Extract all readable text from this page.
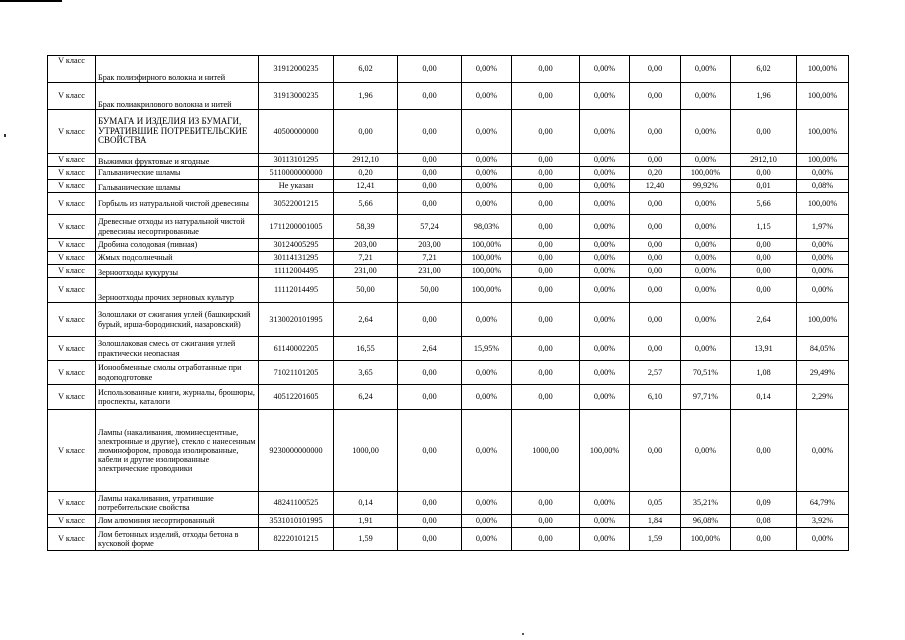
V класс	Брак полиэфирного волокна и нитей	31912000235	6,02	0,00	0,00%	0,00	0,00%	0,00	0,00%	6,02	100,00%
V класс	Брак полиакрилового волокна и нитей	31913000235	1,96	0,00	0,00%	0,00	0,00%	0,00	0,00%	1,96	100,00%
V класс	БУМАГА И ИЗДЕЛИЯ ИЗ БУМАГИ, УТРАТИВШИЕ ПОТРЕБИТЕЛЬСКИЕ СВОЙСТВА	40500000000	0,00	0,00	0,00%	0,00	0,00%	0,00	0,00%	0,00	100,00%
V класс	Выжимки фруктовые и ягодные	30113101295	2912,10	0,00	0,00%	0,00	0,00%	0,00	0,00%	2912,10	100,00%
V класс	Гальванические шламы	5110000000000	0,20	0,00	0,00%	0,00	0,00%	0,20	100,00%	0,00	0,00%
V класс	Гальванические шламы	Не указан	12,41	0,00	0,00%	0,00	0,00%	12,40	99,92%	0,01	0,08%
V класс	Горбыль из натуральной чистой древесины	30522001215	5,66	0,00	0,00%	0,00	0,00%	0,00	0,00%	5,66	100,00%
V класс	Древесные отходы из натуральной чистой древесины несортированные	1711200001005	58,39	57,24	98,03%	0,00	0,00%	0,00	0,00%	1,15	1,97%
V класс	Дробина солодовая (пивная)	30124005295	203,00	203,00	100,00%	0,00	0,00%	0,00	0,00%	0,00	0,00%
V класс	Жмых подсолнечный	30114131295	7,21	7,21	100,00%	0,00	0,00%	0,00	0,00%	0,00	0,00%
V класс	Зерноотходы кукурузы	11112004495	231,00	231,00	100,00%	0,00	0,00%	0,00	0,00%	0,00	0,00%
V класс	Зерноотходы прочих зерновых культур	11112014495	50,00	50,00	100,00%	0,00	0,00%	0,00	0,00%	0,00	0,00%
V класс	Золошлаки от сжигания углей (башкирский бурый, ирша-бородинский, назаровский)	3130020101995	2,64	0,00	0,00%	0,00	0,00%	0,00	0,00%	2,64	100,00%
V класс	Золошлаковая смесь от сжигания углей практически неопасная	61140002205	16,55	2,64	15,95%	0,00	0,00%	0,00	0,00%	13,91	84,05%
V класс	Ионообменные смолы отработанные при водоподготовке	71021101205	3,65	0,00	0,00%	0,00	0,00%	2,57	70,51%	1,08	29,49%
V класс	Использованные книги, журналы, брошюры, проспекты, каталоги	40512201605	6,24	0,00	0,00%	0,00	0,00%	6,10	97,71%	0,14	2,29%
V класс	Лампы (накаливания, люминесцентные, электронные и другие), стекло с нанесенным люминофором, провода изолированные, кабели и другие изолированные электрические проводники	9230000000000	1000,00	0,00	0,00%	1000,00	100,00%	0,00	0,00%	0,00	0,00%
V класс	Лампы накаливания, утратившие потребительские свойства	48241100525	0,14	0,00	0,00%	0,00	0,00%	0,05	35,21%	0,09	64,79%
V класс	Лом алюминия несортированный	3531010101995	1,91	0,00	0,00%	0,00	0,00%	1,84	96,08%	0,08	3,92%
V класс	Лом бетонных изделий, отходы бетона в кусковой форме	82220101215	1,59	0,00	0,00%	0,00	0,00%	1,59	100,00%	0,00	0,00%
